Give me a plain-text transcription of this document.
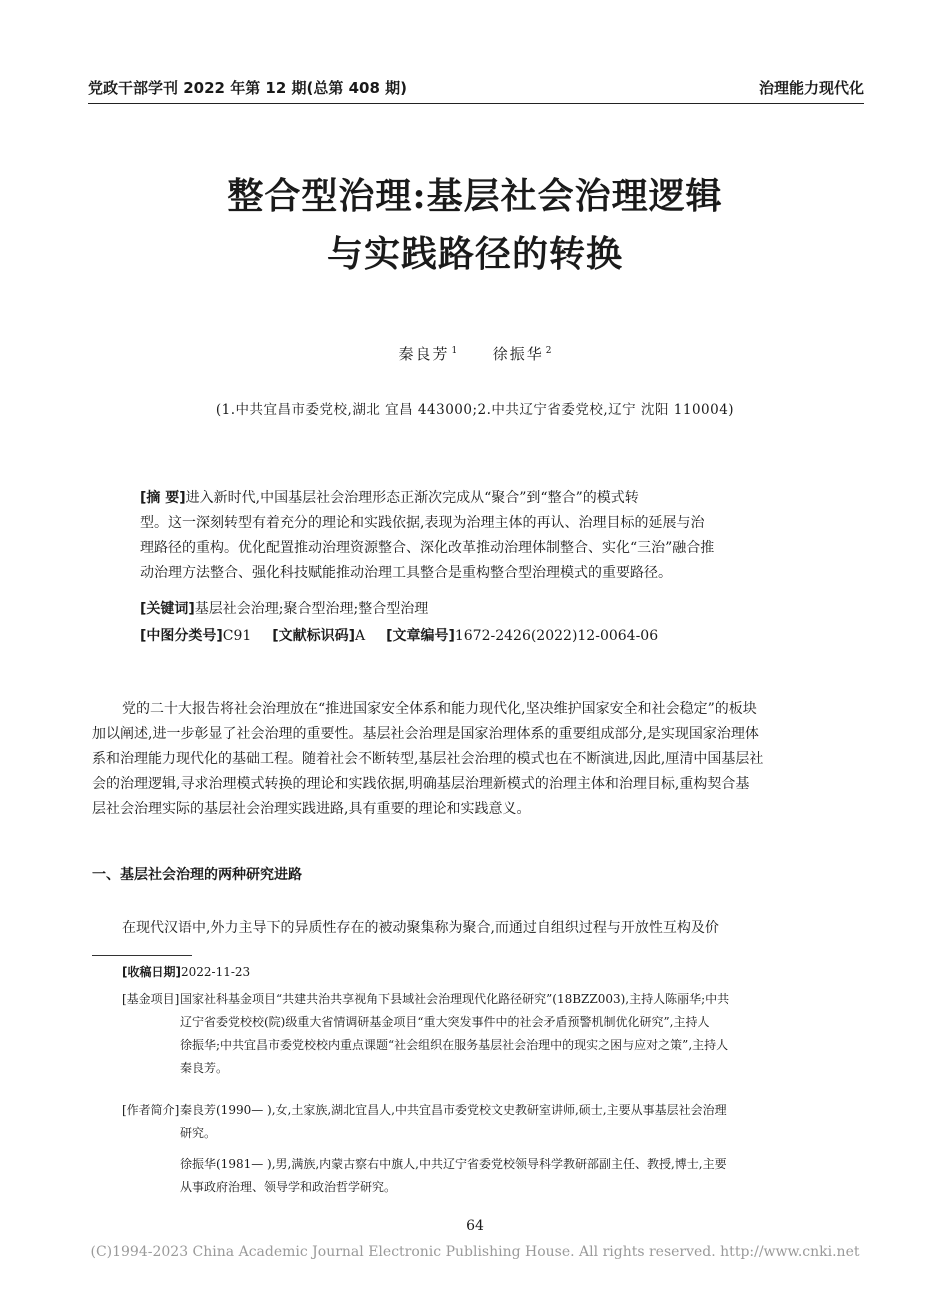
党政干部学刊 2022 年第 12 期(总第 408 期)	治理能力现代化
整合型治理:基层社会治理逻辑
与实践路径的转换
秦良芳 $^1$ 徐振华 $^2$
(1.中共宜昌市委党校,湖北 宜昌 443000;2.中共辽宁省委党校,辽宁 沈阳 110004)
[摘 要]进入新时代,中国基层社会治理形态正渐次完成从“聚合”到“整合”的模式转
型。这一深刻转型有着充分的理论和实践依据,表现为治理主体的再认、治理目标的延展与治
理路径的重构。优化配置推动治理资源整合、深化改革推动治理体制整合、实化“三治”融合推
动治理方法整合、强化科技赋能推动治理工具整合是重构整合型治理模式的重要路径。
[关键词]基层社会治理;聚合型治理;整合型治理
[中图分类号]C91 [文献标识码]A [文章编号]1672-2426(2022)12-0064-06
党的二十大报告将社会治理放在“推进国家安全体系和能力现代化,坚决维护国家安全和社会稳定”的板块
加以阐述,进一步彰显了社会治理的重要性。基层社会治理是国家治理体系的重要组成部分,是实现国家治理体
系和治理能力现代化的基础工程。随着社会不断转型,基层社会治理的模式也在不断演进,因此,厘清中国基层社
会的治理逻辑,寻求治理模式转换的理论和实践依据,明确基层治理新模式的治理主体和治理目标,重构契合基
层社会治理实际的基层社会治理实践进路,具有重要的理论和实践意义。
一、基层社会治理的两种研究进路
在现代汉语中,外力主导下的异质性存在的被动聚集称为聚合,而通过自组织过程与开放性互构及价
[收稿日期]2022-11-23
[基金项目] 国家社科基金项目“共建共治共享视角下县域社会治理现代化路径研究”(18BZZ003),主持人陈丽华;中共
辽宁省委党校校(院)级重大省情调研基金项目“重大突发事件中的社会矛盾预警机制优化研究”,主持人
徐振华;中共宜昌市委党校校内重点课题“社会组织在服务基层社会治理中的现实之困与应对之策”,主持人
秦良芳。
[作者简介] 秦良芳(1990— ),女,土家族,湖北宜昌人,中共宜昌市委党校文史教研室讲师,硕士,主要从事基层社会治理
研究。
徐振华(1981— ),男,满族,内蒙古察右中旗人,中共辽宁省委党校领导科学教研部副主任、教授,博士,主要
从事政府治理、领导学和政治哲学研究。
64
(C)1994-2023 China Academic Journal Electronic Publishing House. All rights reserved. http://www.cnki.net
